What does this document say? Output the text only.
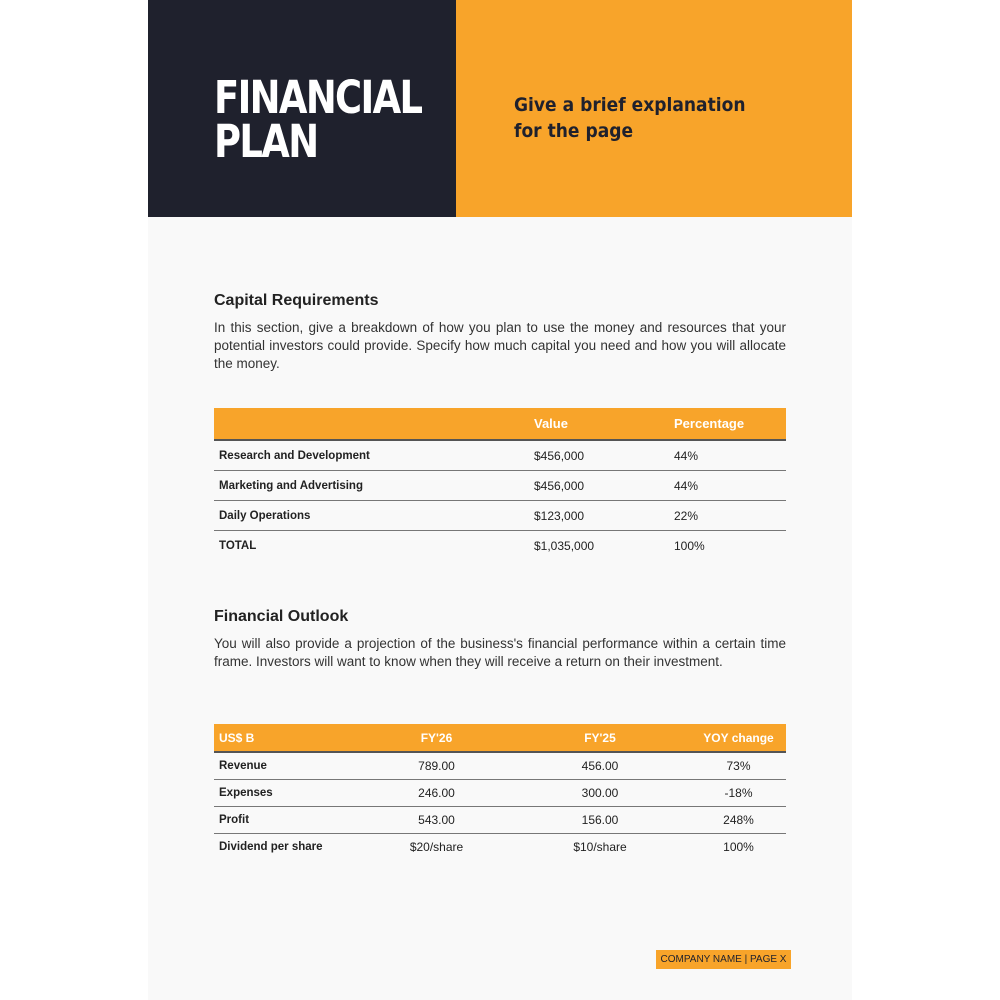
FINANCIAL
PLAN

Give a brief explanation
for the page

Capital Requirements

In this section, give a breakdown of how you plan to use the money and resources that your potential investors could provide. Specify how much capital you need and how you will allocate the money.

	Value	Percentage
Research and Development	$456,000	44%
Marketing and Advertising	$456,000	44%
Daily Operations	$123,000	22%
TOTAL	$1,035,000	100%
Financial Outlook

You will also provide a projection of the business's financial performance within a certain time frame. Investors will want to know when they will receive a return on their investment.

US$ B	FY'26	FY'25	YOY change
Revenue	789.00	456.00	73%
Expenses	246.00	300.00	-18%
Profit	543.00	156.00	248%
Dividend per share	$20/share	$10/share	100%
COMPANY NAME | PAGE X
